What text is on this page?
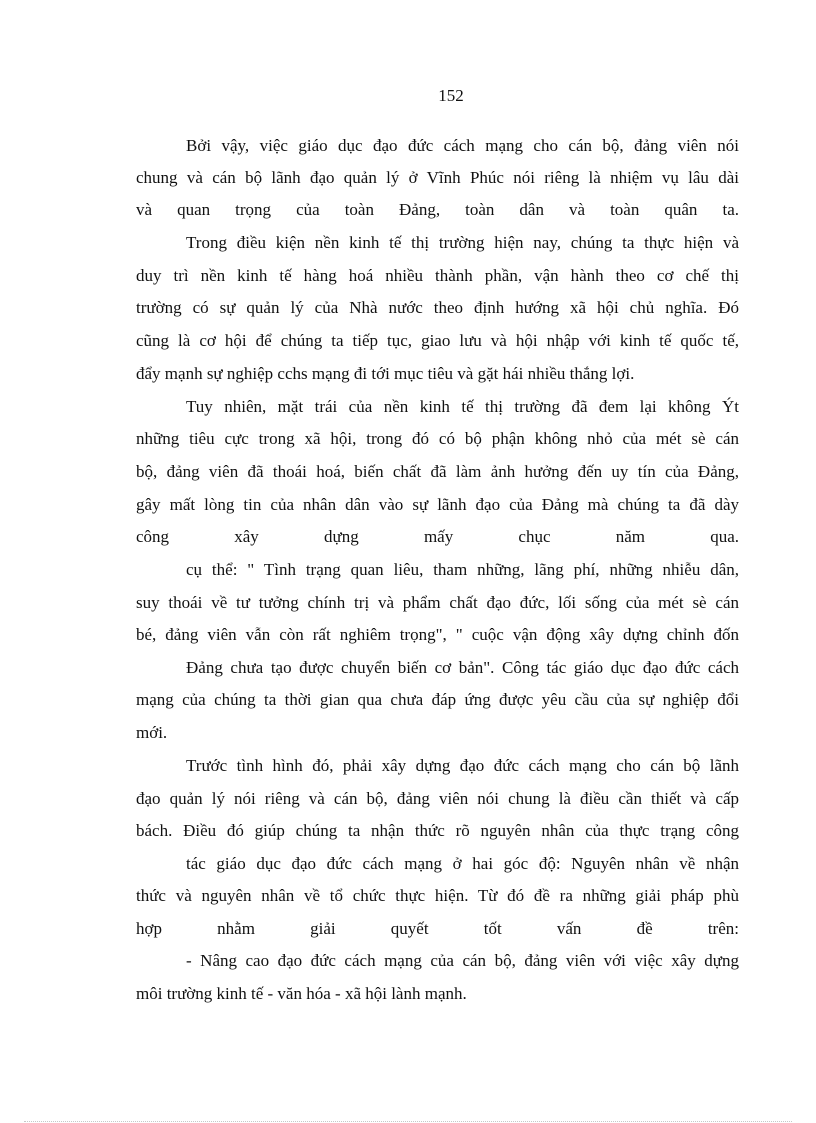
152
Bởi vậy, việc giáo dục đạo đức cách mạng cho cán bộ, đảng viên nói
chung và cán bộ lãnh đạo quản lý ở Vĩnh Phúc nói riêng là nhiệm vụ lâu dài
và quan trọng của toàn Đảng, toàn dân và toàn quân ta.
Trong điều kiện nền kinh tế thị trường hiện nay, chúng ta thực hiện và
duy trì nền kinh tế hàng hoá nhiều thành phần, vận hành theo cơ chế thị
trường có sự quản lý của Nhà nước theo định hướng xã hội chủ nghĩa. Đó
cũng là cơ hội để chúng ta tiếp tục, giao lưu và hội nhập với kinh tế quốc tế,
đẩy mạnh sự nghiệp cchs mạng đi tới mục tiêu và gặt hái nhiều thắng lợi.
Tuy nhiên, mặt trái của nền kinh tế thị trường đã đem lại không Ýt
những tiêu cực trong xã hội, trong đó có bộ phận không nhỏ của mét sè cán
bộ, đảng viên đã thoái hoá, biến chất đã làm ảnh hưởng đến uy tín của Đảng,
gây mất lòng tin của nhân dân vào sự lãnh đạo của Đảng mà chúng ta đã dày
công xây dựng mấy chục năm qua.
cụ thể: " Tình trạng quan liêu, tham những, lãng phí, những nhiễu dân,
suy thoái về tư tưởng chính trị và phẩm chất đạo đức, lối sống của mét sè cán
bé, đảng viên vẫn còn rất nghiêm trọng", " cuộc vận động xây dựng chỉnh đốn
Đảng chưa tạo được chuyển biến cơ bản". Công tác giáo dục đạo đức cách
mạng của chúng ta thời gian qua chưa đáp ứng được yêu cầu của sự nghiệp đổi
mới.
Trước tình hình đó, phải xây dựng đạo đức cách mạng cho cán bộ lãnh
đạo quản lý nói riêng và cán bộ, đảng viên nói chung là điều cần thiết và cấp
bách. Điều đó giúp chúng ta nhận thức rõ nguyên nhân của thực trạng công
tác giáo dục đạo đức cách mạng ở hai góc độ: Nguyên nhân về nhận
thức và nguyên nhân về tổ chức thực hiện. Từ đó đề ra những giải pháp phù
hợp nhằm giải quyết tốt vấn đề trên:
- Nâng cao đạo đức cách mạng của cán bộ, đảng viên với việc xây dựng
môi trường kinh tế - văn hóa - xã hội lành mạnh.
